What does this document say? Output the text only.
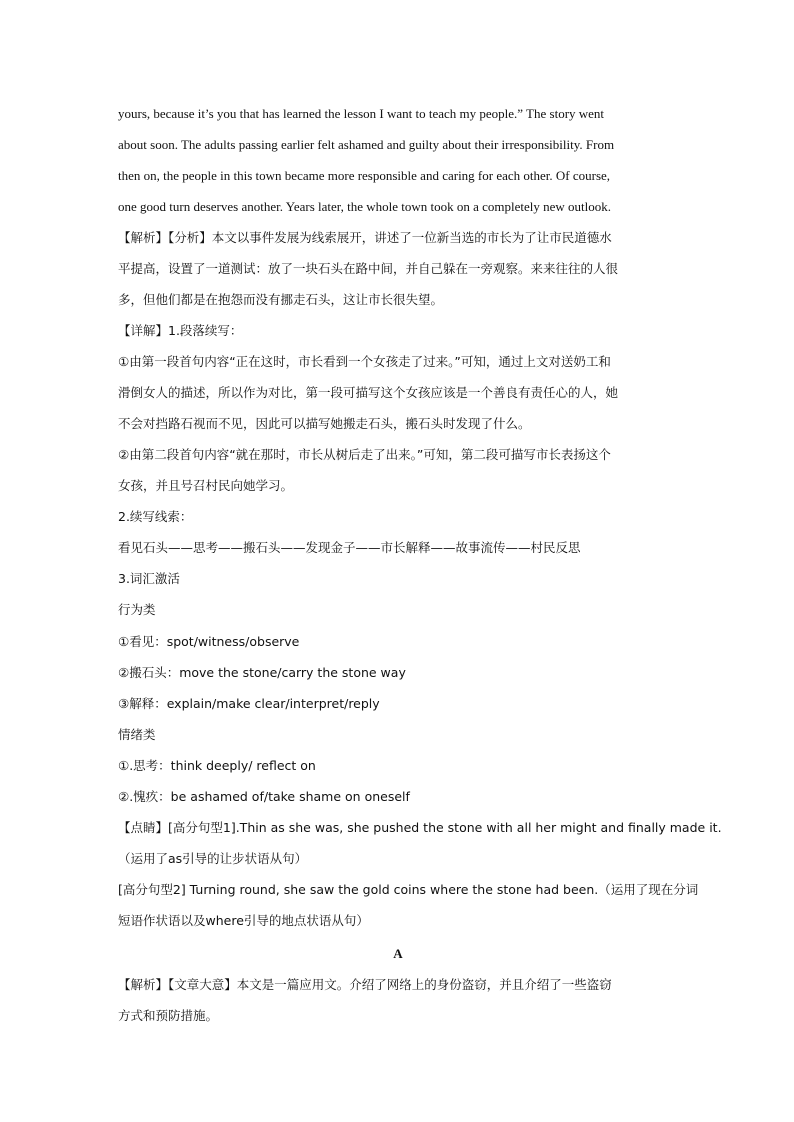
yours, because it’s you that has learned the lesson I want to teach my people.” The story went
about soon. The adults passing earlier felt ashamed and guilty about their irresponsibility. From
then on, the people in this town became more responsible and caring for each other. Of course,
one good turn deserves another. Years later, the whole town took on a completely new outlook.
【解析】【分析】本文以事件发展为线索展开，讲述了一位新当选的市长为了让市民道德水
平提高，设置了一道测试：放了一块石头在路中间，并自己躲在一旁观察。来来往往的人很
多，但他们都是在抱怨而没有挪走石头，这让市长很失望。
【详解】1.段落续写：
①由第一段首句内容“正在这时，市长看到一个女孩走了过来。”可知，通过上文对送奶工和
滑倒女人的描述，所以作为对比，第一段可描写这个女孩应该是一个善良有责任心的人，她
不会对挡路石视而不见，因此可以描写她搬走石头，搬石头时发现了什么。
②由第二段首句内容“就在那时，市长从树后走了出来。”可知，第二段可描写市长表扬这个
女孩，并且号召村民向她学习。
2.续写线索：
看见石头——思考——搬石头——发现金子——市长解释——故事流传——村民反思
3.词汇激活
行为类
①看见：spot/witness/observe
②搬石头：move the stone/carry the stone way
③解释：explain/make clear/interpret/reply
情绪类
①.思考：think deeply/ reflect on
②.愧疚：be ashamed of/take shame on oneself
【点睛】[高分句型1].Thin as she was, she pushed the stone with all her might and finally made it.
（运用了as引导的让步状语从句）
[高分句型2] Turning round, she saw the gold coins where the stone had been.（运用了现在分词
短语作状语以及where引导的地点状语从句）
A
【解析】【文章大意】本文是一篇应用文。介绍了网络上的身份盗窃，并且介绍了一些盗窃
方式和预防措施。
